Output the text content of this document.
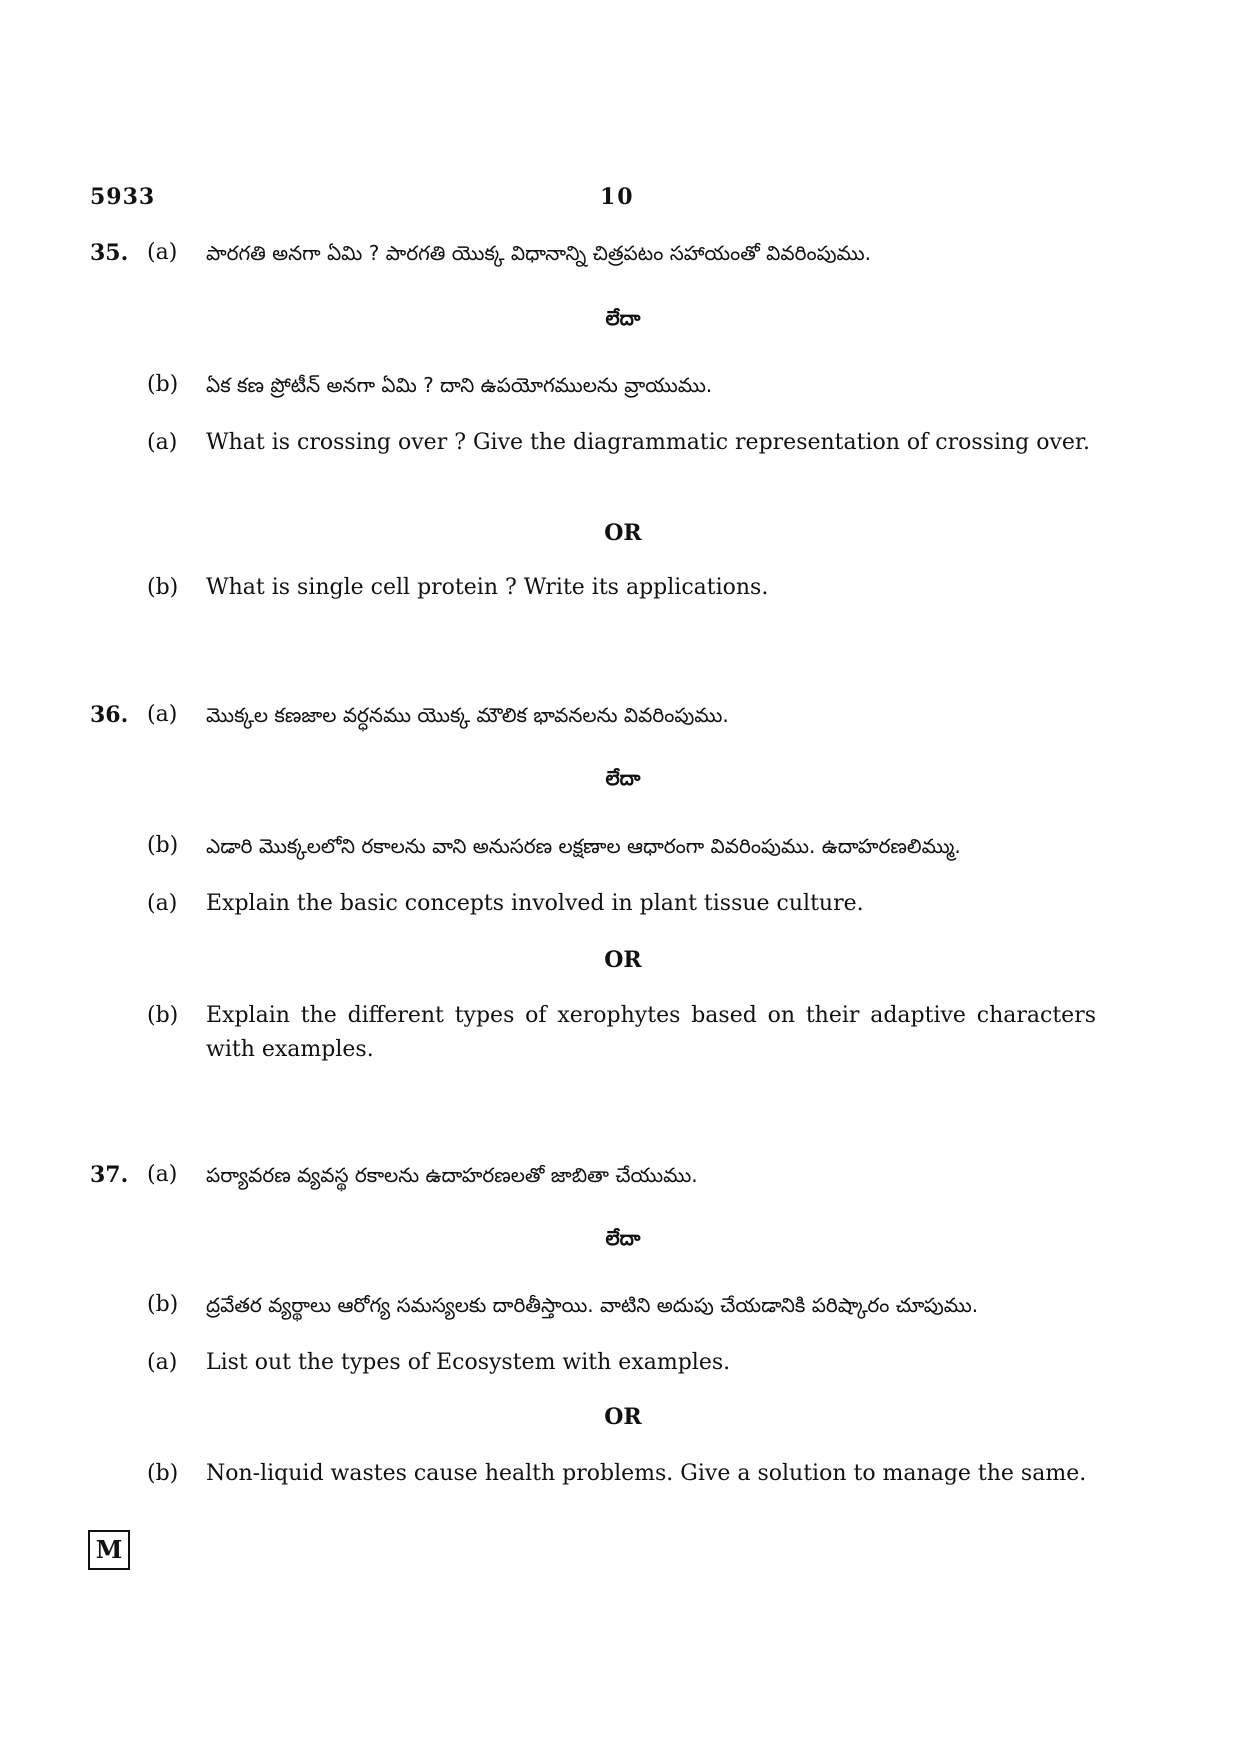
5933	10
35. (a) పారగతి అనగా ఏమి ? పారగతి యొక్క విధానాన్ని చిత్రపటం సహాయంతో వివరింపుము.
లేదా
(b) ఏక కణ ప్రోటీన్ అనగా ఏమి ? దాని ఉపయోగములను వ్రాయుము.
(a) What is crossing over ? Give the diagrammatic representation of crossing over.
OR
(b) What is single cell protein ? Write its applications.
36. (a) మొక్కల కణజాల వర్ధనము యొక్క మౌలిక భావనలను వివరింపుము.
లేదా
(b) ఎడారి మొక్కలలోని రకాలను వాని అనుసరణ లక్షణాల ఆధారంగా వివరింపుము. ఉదాహరణలిమ్ము.
(a) Explain the basic concepts involved in plant tissue culture.
OR
(b) Explain the different types of xerophytes based on their adaptive characters with examples.
37. (a) పర్యావరణ వ్యవస్థ రకాలను ఉదాహరణలతో జాబితా చేయుము.
లేదా
(b) ద్రవేతర వ్యర్థాలు ఆరోగ్య సమస్యలకు దారితీస్తాయి. వాటిని అదుపు చేయడానికి పరిష్కారం చూపుము.
(a) List out the types of Ecosystem with examples.
OR
(b) Non-liquid wastes cause health problems. Give a solution to manage the same.
M
